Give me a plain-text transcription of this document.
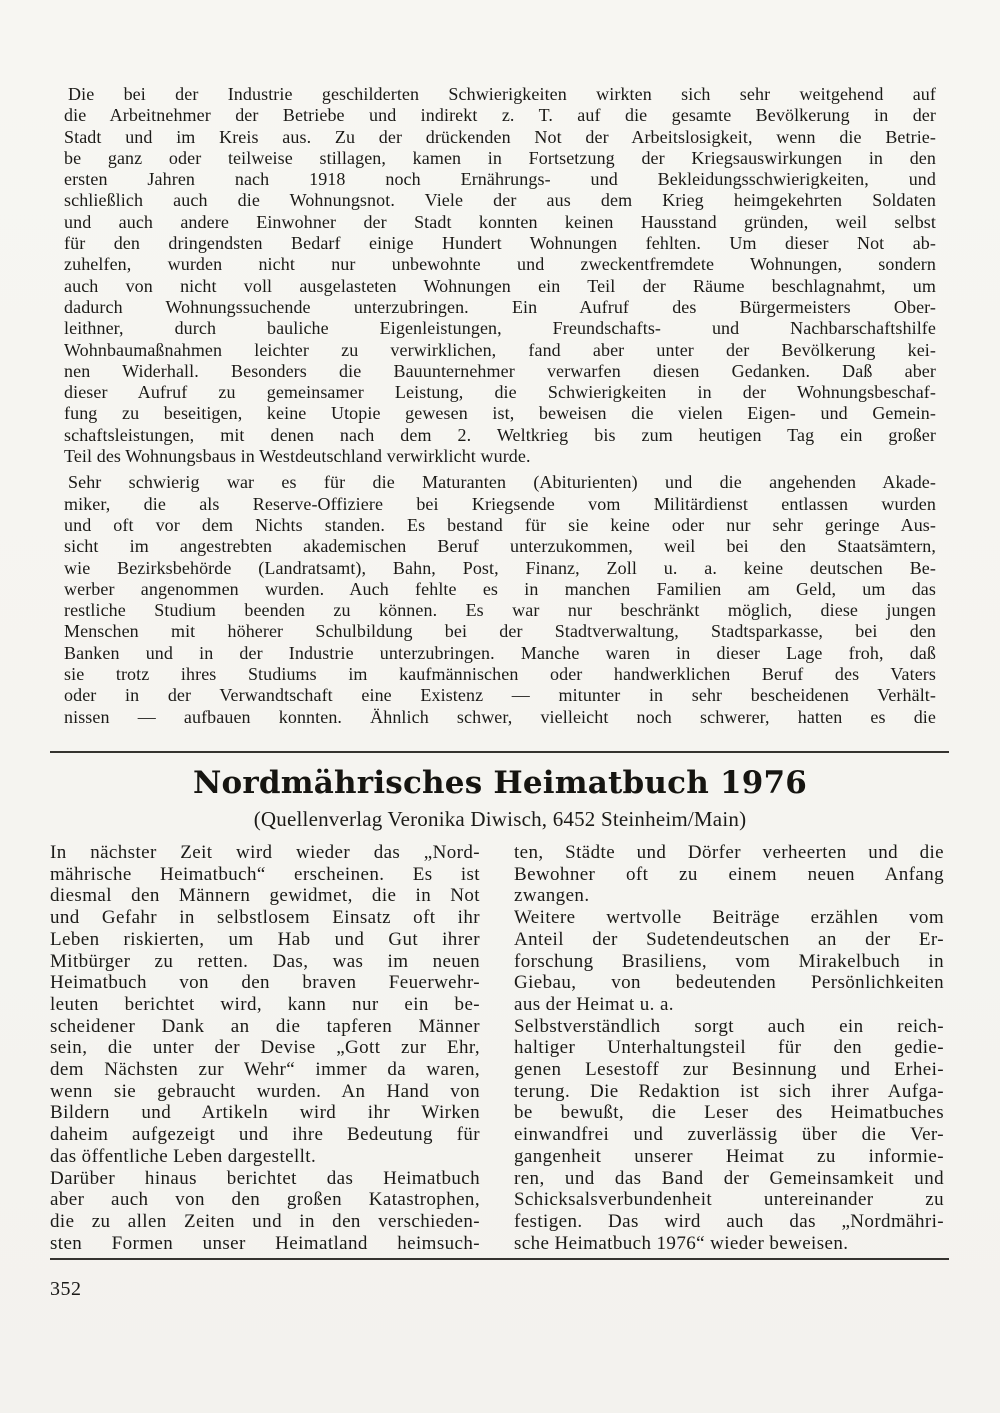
Die bei der Industrie geschilderten Schwierigkeiten wirkten sich sehr weitgehend auf
die Arbeitnehmer der Betriebe und indirekt z. T. auf die gesamte Bevölkerung in der
Stadt und im Kreis aus. Zu der drückenden Not der Arbeitslosigkeit, wenn die Betrie-
be ganz oder teilweise stillagen, kamen in Fortsetzung der Kriegsauswirkungen in den
ersten Jahren nach 1918 noch Ernährungs- und Bekleidungsschwierigkeiten, und
schließlich auch die Wohnungsnot. Viele der aus dem Krieg heimgekehrten Soldaten
und auch andere Einwohner der Stadt konnten keinen Hausstand gründen, weil selbst
für den dringendsten Bedarf einige Hundert Wohnungen fehlten. Um dieser Not ab-
zuhelfen, wurden nicht nur unbewohnte und zweckentfremdete Wohnungen, sondern
auch von nicht voll ausgelasteten Wohnungen ein Teil der Räume beschlagnahmt, um
dadurch Wohnungssuchende unterzubringen. Ein Aufruf des Bürgermeisters Ober-
leithner, durch bauliche Eigenleistungen, Freundschafts- und Nachbarschaftshilfe
Wohnbaumaßnahmen leichter zu verwirklichen, fand aber unter der Bevölkerung kei-
nen Widerhall. Besonders die Bauunternehmer verwarfen diesen Gedanken. Daß aber
dieser Aufruf zu gemeinsamer Leistung, die Schwierigkeiten in der Wohnungsbeschaf-
fung zu beseitigen, keine Utopie gewesen ist, beweisen die vielen Eigen- und Gemein-
schaftsleistungen, mit denen nach dem 2. Weltkrieg bis zum heutigen Tag ein großer
Teil des Wohnungsbaus in Westdeutschland verwirklicht wurde.
Sehr schwierig war es für die Maturanten (Abiturienten) und die angehenden Akade-
miker, die als Reserve-Offiziere bei Kriegsende vom Militärdienst entlassen wurden
und oft vor dem Nichts standen. Es bestand für sie keine oder nur sehr geringe Aus-
sicht im angestrebten akademischen Beruf unterzukommen, weil bei den Staatsämtern,
wie Bezirksbehörde (Landratsamt), Bahn, Post, Finanz, Zoll u. a. keine deutschen Be-
werber angenommen wurden. Auch fehlte es in manchen Familien am Geld, um das
restliche Studium beenden zu können. Es war nur beschränkt möglich, diese jungen
Menschen mit höherer Schulbildung bei der Stadtverwaltung, Stadtsparkasse, bei den
Banken und in der Industrie unterzubringen. Manche waren in dieser Lage froh, daß
sie trotz ihres Studiums im kaufmännischen oder handwerklichen Beruf des Vaters
oder in der Verwandtschaft eine Existenz — mitunter in sehr bescheidenen Verhält-
nissen — aufbauen konnten. Ähnlich schwer, vielleicht noch schwerer, hatten es die
Nordmährisches Heimatbuch 1976
(Quellenverlag Veronika Diwisch, 6452 Steinheim/Main)
In nächster Zeit wird wieder das „Nord-
mährische Heimatbuch“ erscheinen. Es ist
diesmal den Männern gewidmet, die in Not
und Gefahr in selbstlosem Einsatz oft ihr
Leben riskierten, um Hab und Gut ihrer
Mitbürger zu retten. Das, was im neuen
Heimatbuch von den braven Feuerwehr-
leuten berichtet wird, kann nur ein be-
scheidener Dank an die tapferen Männer
sein, die unter der Devise „Gott zur Ehr,
dem Nächsten zur Wehr“ immer da waren,
wenn sie gebraucht wurden. An Hand von
Bildern und Artikeln wird ihr Wirken
daheim aufgezeigt und ihre Bedeutung für
das öffentliche Leben dargestellt.
Darüber hinaus berichtet das Heimatbuch
aber auch von den großen Katastrophen,
die zu allen Zeiten und in den verschieden-
sten Formen unser Heimatland heimsuch-
ten, Städte und Dörfer verheerten und die
Bewohner oft zu einem neuen Anfang
zwangen.
Weitere wertvolle Beiträge erzählen vom
Anteil der Sudetendeutschen an der Er-
forschung Brasiliens, vom Mirakelbuch in
Giebau, von bedeutenden Persönlichkeiten
aus der Heimat u. a.
Selbstverständlich sorgt auch ein reich-
haltiger Unterhaltungsteil für den gedie-
genen Lesestoff zur Besinnung und Erhei-
terung. Die Redaktion ist sich ihrer Aufga-
be bewußt, die Leser des Heimatbuches
einwandfrei und zuverlässig über die Ver-
gangenheit unserer Heimat zu informie-
ren, und das Band der Gemeinsamkeit und
Schicksalsverbundenheit untereinander zu
festigen. Das wird auch das „Nordmähri-
sche Heimatbuch 1976“ wieder beweisen.
352
